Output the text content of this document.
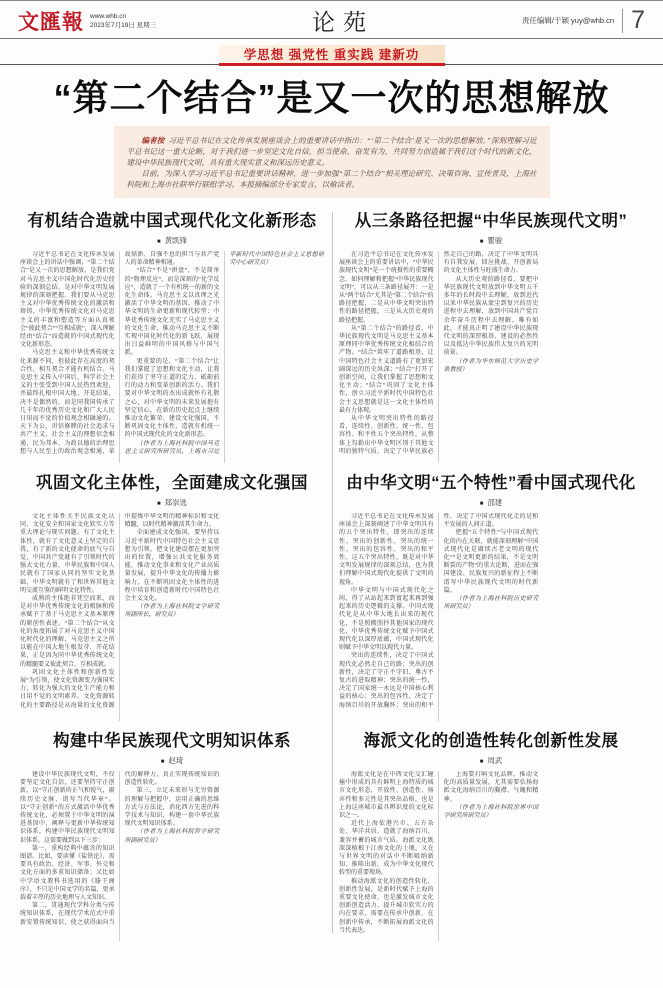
文匯報 www.whb.cn
2023年7月19日 星期三	论苑	责任编辑/于颖 yuy@whb.cn 7
学思想 强党性 重实践 建新功
“第二个结合”是又一次的思想解放

编者按 习近平总书记在文化传承发展座谈会上的重要讲话中指出：“‘第二个结合’是又一次的思想解放。”深刻理解习近平总书记这一重大论断，对于我们进一步坚定文化自信，担当使命，奋发有为，共同努力创造属于我们这个时代的新文化，建设中华民族现代文明，具有重大现实意义和深远历史意义。

目前，为深入学习习近平总书记重要讲话精神，进一步加强“第二个结合”相关理论研究、决策咨询、宣传普及，上海社科院和上海市社联举行联组学习。本报摘编部分专家发言，以飨读者。

有机结合造就中国式现代化文化新形态
■ 黄凯锋

习近平总书记在文化传承发展座谈会上的讲话中强调，“第二个结合”是又一次的思想解放，是我们党对马克思主义中国化时代化历史经验的深刻总结，是对中华文明发展规律的深刻把握。我们要从马克思主义对中华优秀传统文化的激活和熔铸、中华优秀传统文化对马克思主义的丰富和塑造等方面认真领会“彼此契合”“互相成就”，深入理解经由“结合”而造就的中国式现代化文化新形态。

马克思主义和中华优秀传统文化来源不同，但彼此存在高度的契合性，相互契合才能有机结合。马克思主义传入中国后，科学社会主义的主张受到中国人民热烈欢迎，并最终扎根中国大地、开花结果，决不是偶然的，而是同我国传承了几千年的优秀历史文化和广大人民日用而不觉的价值观念相融通的。天下为公、讲信修睦的社会追求与共产主义、社会主义的理想信念相通，民为邦本、为政以德的治理思想与人民至上的政治观念相通，革故鼎新、自强不息的担当与共产党人的革命精神相通。

“结合”不是“拼盘”，不是简单的“物理反应”，而是深刻的“化学反应”，造就了一个有机统一的新的文化生命体。马克思主义以真理之光激活了中华文明的基因，推动了中华文明的生命更新和现代转型；中华优秀传统文化充实了马克思主义的文化生命，推动马克思主义不断实现中国化时代化的新飞跃，展现出日益鲜明的中国风格与中国气派。

更重要的是，“第二个结合”让我们掌握了思想和文化主动，让我们获得了坚守正道的定力、砥砺前行的动力和变革创新的活力。我们要对中华文明的杰出成就怀有礼敬之心，对中华文明的未来发展抱有坚定信心，在新的历史起点上继续推动文化繁荣、建设文化强国，不断巩固文化主体性，造就有机统一的中国式现代化的文化新形态。

（作者为上海社科院中国马克思主义研究所研究员，上海市习近平新时代中国特色社会主义思想研究中心研究员）

从三条路径把握“中华民族现代文明”
■ 瞿骏

在习近平总书记在文化传承发展座谈会上的重要讲话中，“中华民族现代文明”是一个统摄性的重要概念。如何理解和把握“中华民族现代文明”，可以从三条路径展开：一是从“两个结合”尤其是“第二个结合”的路径把握，二是从中华文明突出特性的路径把握，三是从大历史观的路径把握。

从“第二个结合”的路径看，中华民族现代文明是马克思主义基本原理同中华优秀传统文化相结合的产物。“结合”筑牢了道路根基，让中国特色社会主义道路有了更加宏阔深远的历史纵深；“结合”打开了创新空间，让我们掌握了思想和文化主动；“结合”巩固了文化主体性，创立习近平新时代中国特色社会主义思想就是这一文化主体性的最有力体现。

从中华文明突出特性的路径看，连续性、创新性、统一性、包容性、和平性五个突出特性，从整体上勾勒出中华文明区别于其他文明的独特气质，决定了中华民族必然走自己的路，决定了中华文明具有自我发展、回应挑战、开创新局的文化主体性与旺盛生命力。

从大历史观的路径看，要把中华民族现代文明放到中华文明五千多年的长时段中去理解，放到近代以来中华民族从蒙尘到复兴的历史进程中去理解，放到中国共产党百余年奋斗历程中去理解。唯有如此，才能真正明了建设中华民族现代文明的深厚根基、建设的必然性以及抵达中华民族伟大复兴的光明前景。

（作者为华东师范大学历史学系教授）

巩固文化主体性，全面建成文化强国
■ 郑崇选

文化主体性关乎民族文化认同、文化安全和国家文化软实力等重大理论与现实问题。有了文化主体性，就有了文化意义上坚定的自我，有了新的文化使命的底气与自觉，中国共产党就有了引领时代的强大文化力量，中华民族和中国人民就有了国家认同的坚实文化基础，中华文明就有了和世界其他文明交流互鉴的鲜明文化特性。

成熟的主体绝非凭空而来，而是对中华优秀传统文化的根脉和传承赋予了基于马克思主义基本原理的原创性表述。“第二个结合”从文化的角度拓展了对马克思主义中国化时代化的理解，马克思主义之所以能在中国大地生根发芽、开花结果，正是因为同中华优秀传统文化的精髓要义彼此契合、互相成就。

巩固文化主体性和创新性发展“为引领，使文化资源变为强国实力，转化为强大的文化生产能力和日用不觉的文明素养。文化资源转化的主要路径是从海量的文化资源中提炼中华文明的精神标识和文化精髓，以时代精神激活其生命力。

全面建成文化强国，要坚持以习近平新时代中国特色社会主义思想为引领，把文化建设摆在更加突出的位置，增强公共文化服务效能，推动文化事业和文化产业高质量发展，提升中华文化的传播力影响力，在不断巩固文化主体性的进程中培育和创造新时代中国特色社会主义文化。

（作者为上海社科院文学研究所副所长、研究员）

由中华文明“五个特性”看中国式现代化
■ 邵建

习近平总书记在文化传承发展座谈会上深刻阐述了中华文明具有的五个突出特性，即突出的连续性、突出的创新性、突出的统一性、突出的包容性、突出的和平性。这五个突出特性，既是对中华文明发展规律的深刻总结，也为我们理解中国式现代化提供了文明的视角。

中华文明与中国式现代化之间，得了从站起来到富起来再到强起来的历史逻辑的支撑。中国式现代化是从中华大地长出来的现代化，不是照搬照抄其他国家的现代化，中华优秀传统文化赋予中国式现代化以深厚底蕴，中国式现代化则赋予中华文明以现代力量。

突出的连续性，决定了中国式现代化必然走自己的路；突出的创新性，决定了守正不守旧、尊古不复古的进取精神；突出的统一性，决定了国家统一永远是中国核心利益的核心；突出的包容性，决定了海纳百川的开放胸怀；突出的和平性，决定了中国式现代化走的是和平发展的人间正道。

把握“五个特性”与中国式现代化的内在关联，就能深刻理解“中国式现代化是赓续古老文明的现代化”“是文明更新的结果，不是文明断裂的产物”的重大论断，进而在强国建设、民族复兴的新征程上不断谱写中华民族现代文明的时代新篇。

（作者为上海社科院历史研究所研究员）

构建中华民族现代文明知识体系
■ 赵琦

建设中华民族现代文明，不仅要坚定文化自信，还要坚持守正创新，以“守正创新的正气和锐气，赓续历史文脉、谱写当代华章”。以“守正创新”的方式激活中华优秀传统文化，必须置于中华文明的演进基因中，阐释与更新中华传统知识体系，构建中华民族现代文明知识体系，这需要做到以下三步：

第一，重构经典中蕴含的知识图谱。比如，要读懂《盐铁论》，需要具有政治、经济、军事、外交和文化方面的多重知识储备；又比如中学语文教科书选用的《滕王阁序》，不只是中国文学的名篇，更承载着丰厚的历史地理与人文知识。

第二，贯通现代学科分类与传统知识体系，在现代学术范式中重新安置传统知识，使之获得面向当代的解释力，真正实现传统知识的创造性转化。

第三，立足未来形与无穷资源的理解与把握中，运用正确的思维方式与方法论，消化西方先进的科学技术与知识，构建一套中华民族现代文明知识体系。

（作者为上海社科院哲学研究所副研究员）

海派文化的创造性转化创新性发展
■ 周武

海派文化是在中西文化交汇碰撞中形成的具有鲜明上海特质的城市文化形态，开放性、创造性、扬弃性和多元性是其突出品格，也是上海这座城市最具辨识度的文化标识之一。

近代上海依港兴市、五方杂处、华洋共居，造就了海纳百川、兼容并蓄的城市气质。海派文化既深深植根于江南文化的土壤，又在与世界文明的对话中不断吸纳新知、推陈出新，成为中华文化现代转型的重要现场。

推动海派文化的创造性转化、创新性发展，是新时代赋予上海的重要文化使命，也是激发城市文化创新创造活力、提升城市软实力的内在要求，需要在传承中创新、在创新中传承，不断拓展海派文化的当代表达。

上海要打响文化品牌，推动文化的高质量发展，尤其需要弘扬海派文化海纳百川的胸襟、气魄和精神。

（作者为上海社科院世界中国学研究所研究员）
